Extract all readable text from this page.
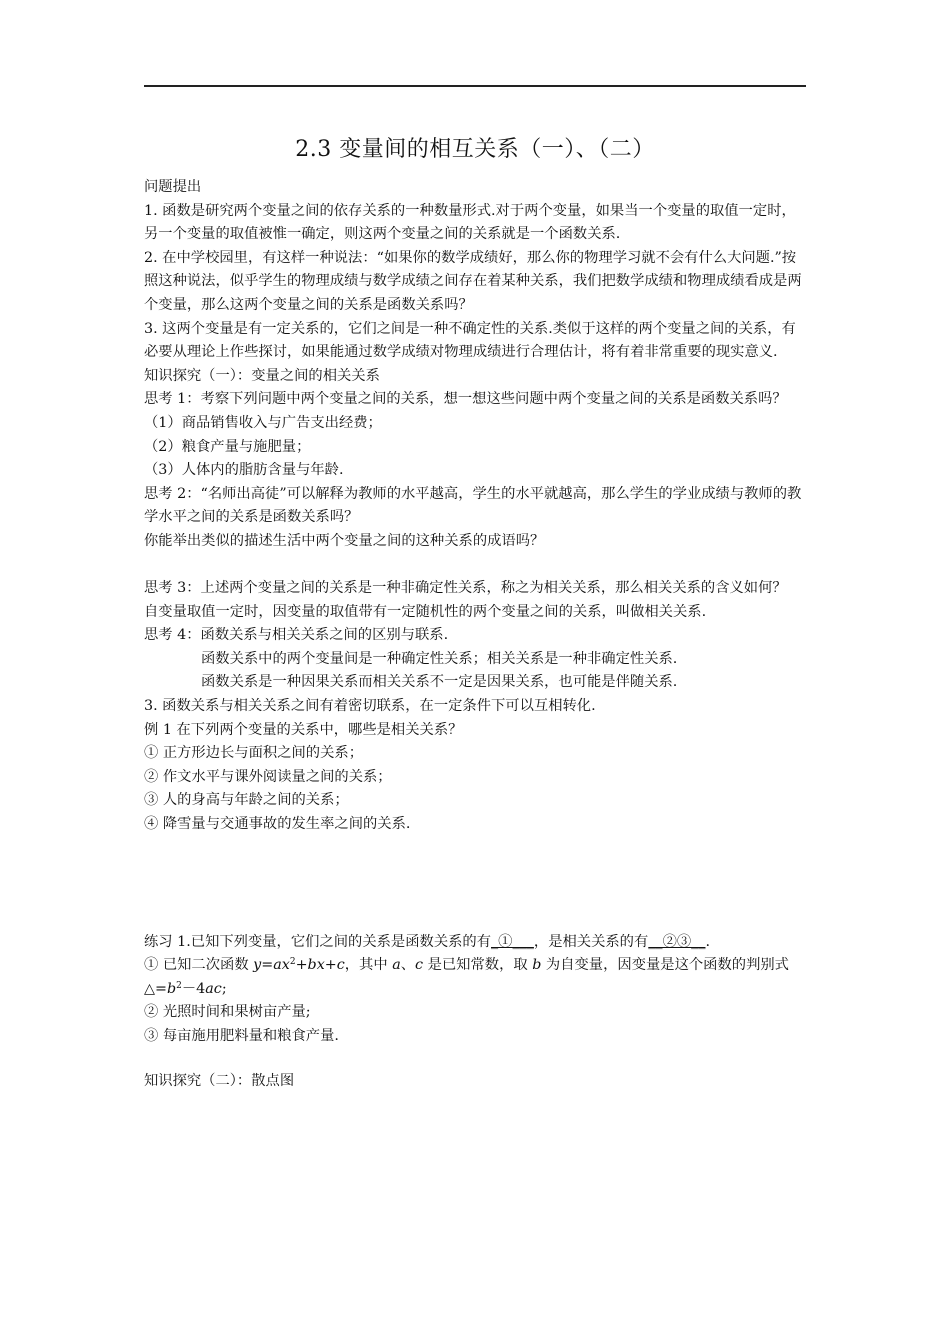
2.3 变量间的相互关系（一）、（二）

问题提出

1. 函数是研究两个变量之间的依存关系的一种数量形式.对于两个变量，如果当一个变量的取值一定时，另一个变量的取值被惟一确定，则这两个变量之间的关系就是一个函数关系.

2. 在中学校园里，有这样一种说法：“如果你的数学成绩好，那么你的物理学习就不会有什么大问题.”按照这种说法，似乎学生的物理成绩与数学成绩之间存在着某种关系，我们把数学成绩和物理成绩看成是两个变量，那么这两个变量之间的关系是函数关系吗？

3. 这两个变量是有一定关系的，它们之间是一种不确定性的关系.类似于这样的两个变量之间的关系，有必要从理论上作些探讨，如果能通过数学成绩对物理成绩进行合理估计，将有着非常重要的现实意义.

知识探究（一）：变量之间的相关关系

思考 1：考察下列问题中两个变量之间的关系，想一想这些问题中两个变量之间的关系是函数关系吗？

（1）商品销售收入与广告支出经费；

（2）粮食产量与施肥量；

（3）人体内的脂肪含量与年龄.

思考 2：“名师出高徒”可以解释为教师的水平越高，学生的水平就越高，那么学生的学业成绩与教师的教学水平之间的关系是函数关系吗？

你能举出类似的描述生活中两个变量之间的这种关系的成语吗？

思考 3：上述两个变量之间的关系是一种非确定性关系，称之为相关关系，那么相关关系的含义如何？

自变量取值一定时，因变量的取值带有一定随机性的两个变量之间的关系，叫做相关关系.

思考 4：函数关系与相关关系之间的区别与联系.

函数关系中的两个变量间是一种确定性关系；相关关系是一种非确定性关系.

函数关系是一种因果关系而相关关系不一定是因果关系，也可能是伴随关系.

3. 函数关系与相关关系之间有着密切联系，在一定条件下可以互相转化.

例 1 在下列两个变量的关系中，哪些是相关关系？

① 正方形边长与面积之间的关系；

② 作文水平与课外阅读量之间的关系；

③ 人的身高与年龄之间的关系；

④ 降雪量与交通事故的发生率之间的关系.

练习 1.已知下列变量，它们之间的关系是函数关系的有_①___，是相关关系的有__②③__.

① 已知二次函数 $y=ax^2+bx+c$，其中 a、c 是已知常数，取 b 为自变量，因变量是这个函数的判别式$\triangle=b^2-4ac$;

② 光照时间和果树亩产量;

③ 每亩施用肥料量和粮食产量.

知识探究（二）：散点图
